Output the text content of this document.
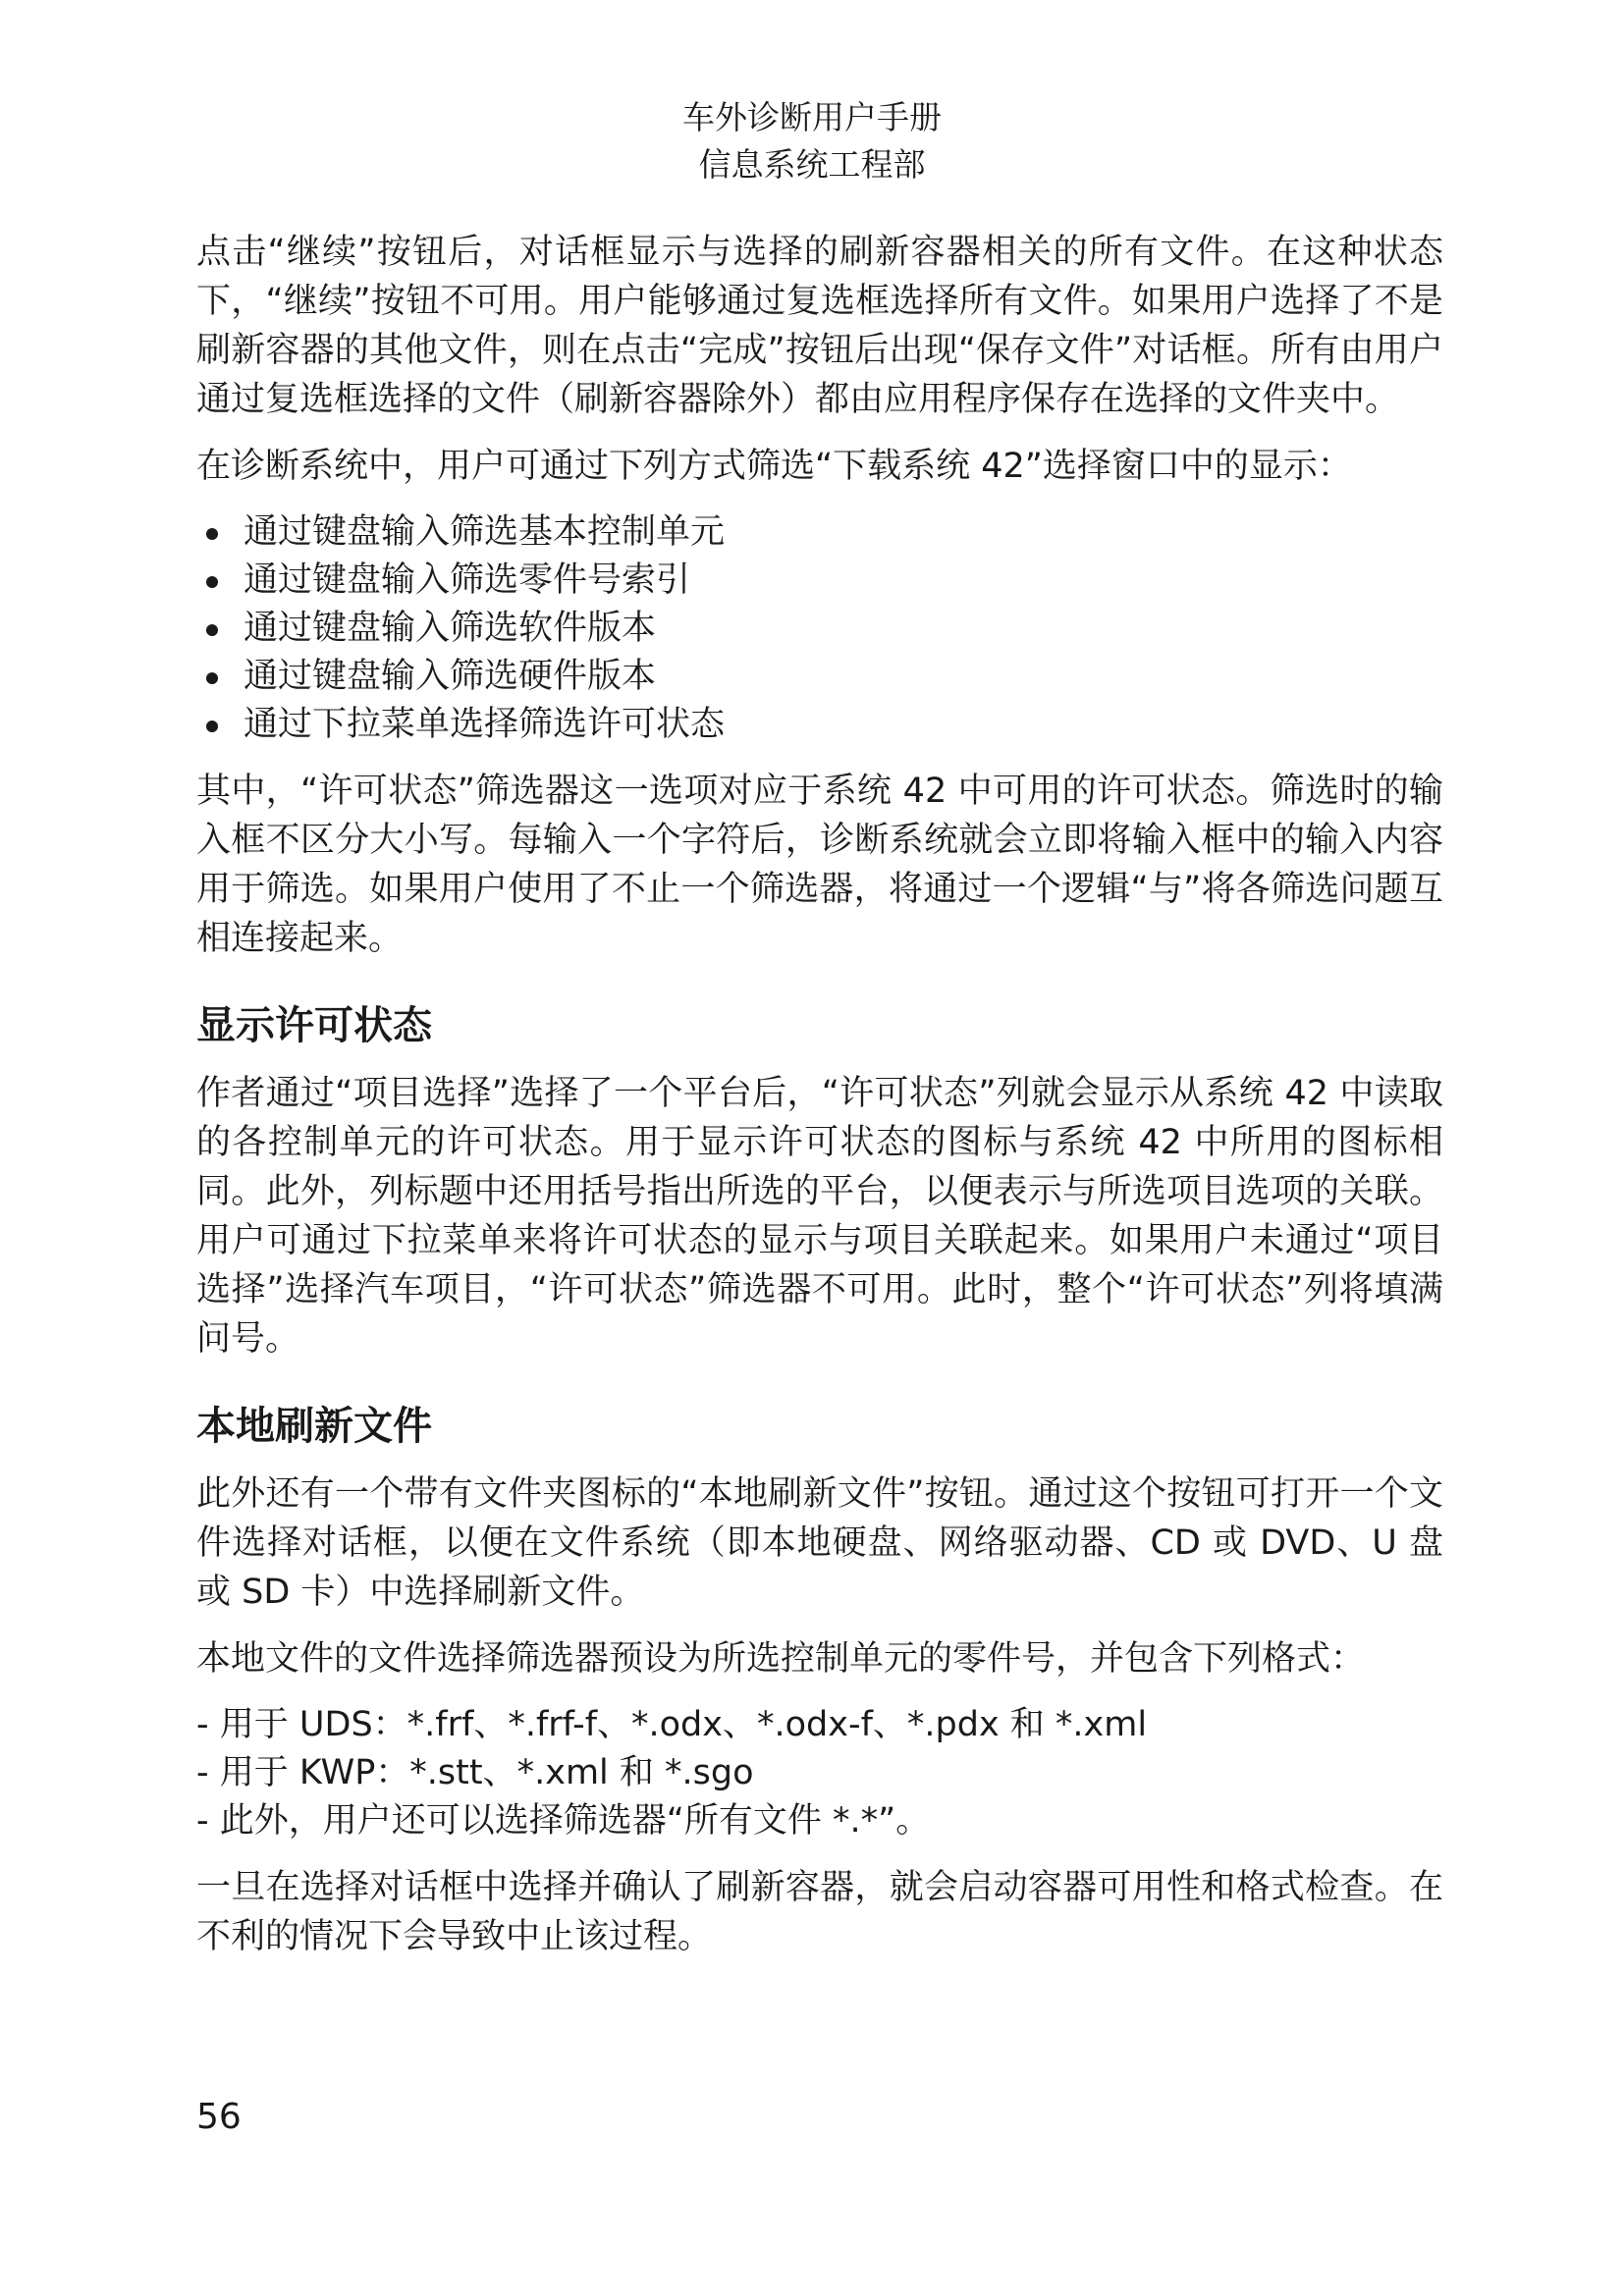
车外诊断用户手册
信息系统工程部

点击“继续”按钮后，对话框显示与选择的刷新容器相关的所有文件。在这种状态下，“继续”按钮不可用。用户能够通过复选框选择所有文件。如果用户选择了不是刷新容器的其他文件，则在点击“完成”按钮后出现“保存文件”对话框。所有由用户通过复选框选择的文件（刷新容器除外）都由应用程序保存在选择的文件夹中。

在诊断系统中，用户可通过下列方式筛选“下载系统 42”选择窗口中的显示：

通过键盘输入筛选基本控制单元
通过键盘输入筛选零件号索引
通过键盘输入筛选软件版本
通过键盘输入筛选硬件版本
通过下拉菜单选择筛选许可状态

其中，“许可状态”筛选器这一选项对应于系统 42 中可用的许可状态。筛选时的输入框不区分大小写。每输入一个字符后，诊断系统就会立即将输入框中的输入内容用于筛选。如果用户使用了不止一个筛选器，将通过一个逻辑“与”将各筛选问题互相连接起来。

显示许可状态

作者通过“项目选择”选择了一个平台后，“许可状态”列就会显示从系统 42 中读取的各控制单元的许可状态。用于显示许可状态的图标与系统 42 中所用的图标相同。此外，列标题中还用括号指出所选的平台，以便表示与所选项目选项的关联。用户可通过下拉菜单来将许可状态的显示与项目关联起来。如果用户未通过“项目选择”选择汽车项目，“许可状态”筛选器不可用。此时，整个“许可状态”列将填满问号。

本地刷新文件

此外还有一个带有文件夹图标的“本地刷新文件”按钮。通过这个按钮可打开一个文件选择对话框，以便在文件系统（即本地硬盘、网络驱动器、CD 或 DVD、U 盘或 SD 卡）中选择刷新文件。

本地文件的文件选择筛选器预设为所选控制单元的零件号，并包含下列格式：

- 用于 UDS：*.frf、*.frf-f、*.odx、*.odx-f、*.pdx 和 *.xml
- 用于 KWP：*.stt、*.xml 和 *.sgo
- 此外，用户还可以选择筛选器“所有文件 *.*”。

一旦在选择对话框中选择并确认了刷新容器，就会启动容器可用性和格式检查。在不利的情况下会导致中止该过程。

56
